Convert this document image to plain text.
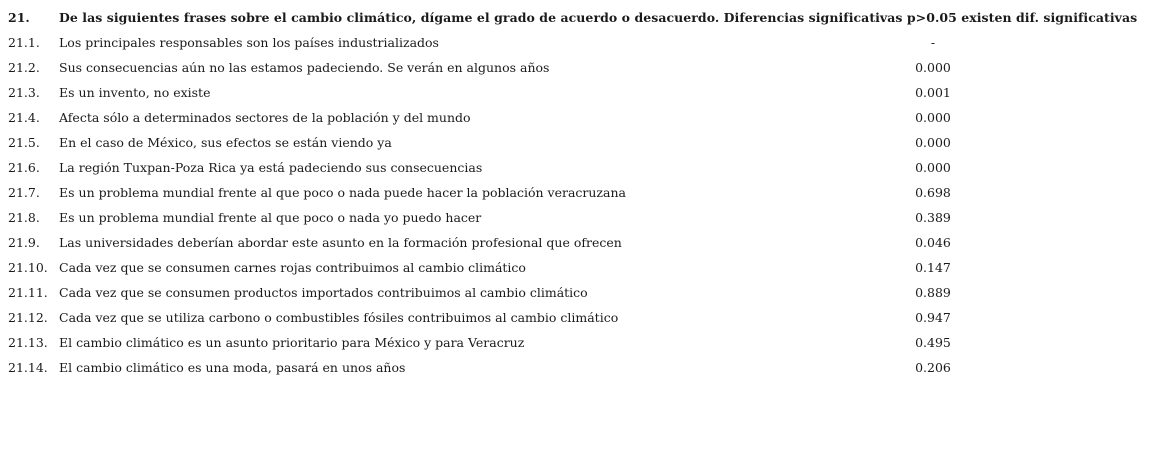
21. De las siguientes frases sobre el cambio climático, dígame el grado de acuerdo o desacuerdo. Diferencias significativas p>0.05 existen dif. significativas
21.1. Los principales responsables son los países industrializados	-
21.2. Sus consecuencias aún no las estamos padeciendo. Se verán en algunos años	0.000
21.3. Es un invento, no existe	0.001
21.4. Afecta sólo a determinados sectores de la población y del mundo	0.000
21.5. En el caso de México, sus efectos se están viendo ya	0.000
21.6. La región Tuxpan-Poza Rica ya está padeciendo sus consecuencias	0.000
21.7. Es un problema mundial frente al que poco o nada puede hacer la población veracruzana	0.698
21.8. Es un problema mundial frente al que poco o nada yo puedo hacer	0.389
21.9. Las universidades deberían abordar este asunto en la formación profesional que ofrecen	0.046
21.10. Cada vez que se consumen carnes rojas contribuimos al cambio climático	0.147
21.11. Cada vez que se consumen productos importados contribuimos al cambio climático	0.889
21.12. Cada vez que se utiliza carbono o combustibles fósiles contribuimos al cambio climático	0.947
21.13. El cambio climático es un asunto prioritario para México y para Veracruz	0.495
21.14. El cambio climático es una moda, pasará en unos años	0.206
